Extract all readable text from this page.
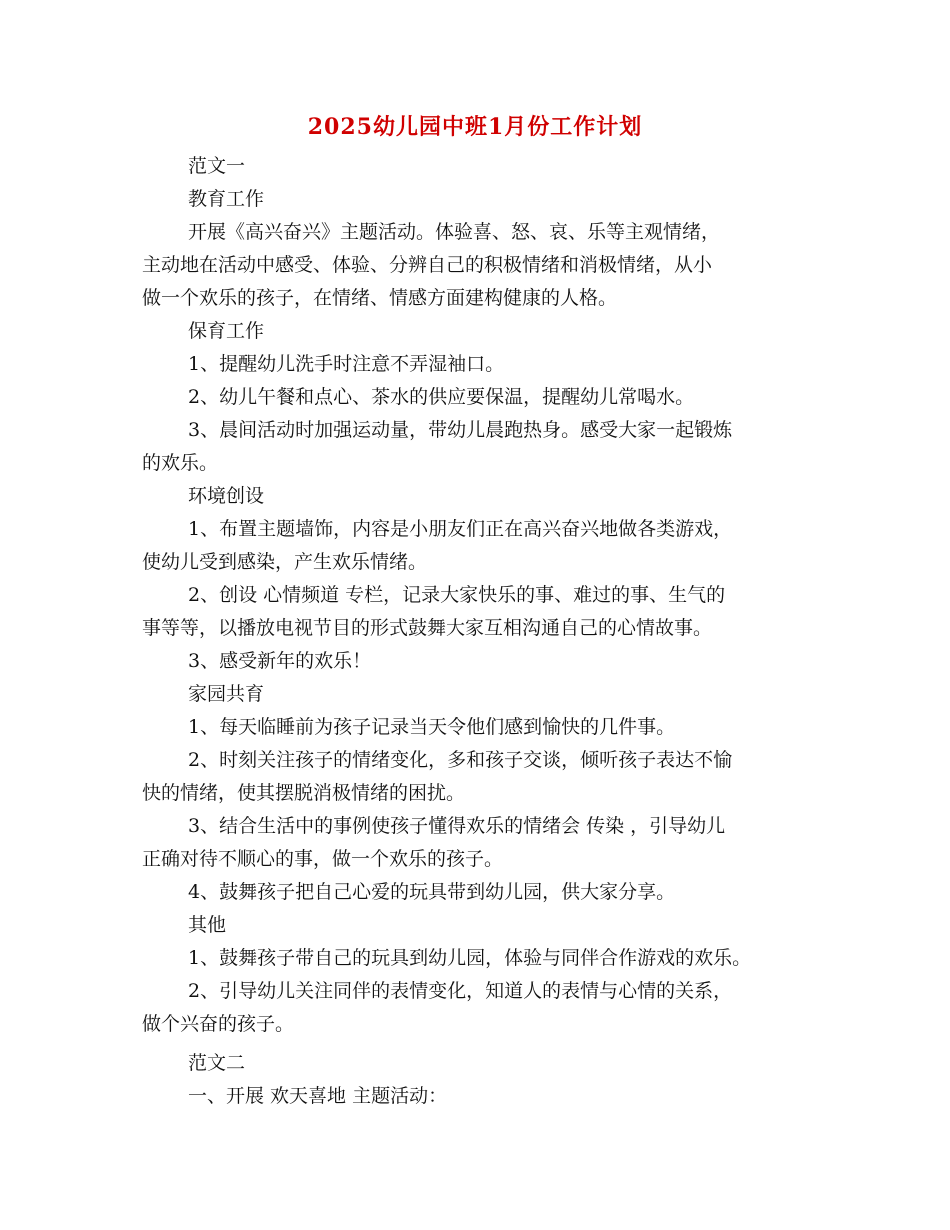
2025幼儿园中班1月份工作计划
范文一
教育工作
开展《高兴奋兴》主题活动。体验喜、怒、哀、乐等主观情绪，
主动地在活动中感受、体验、分辨自己的积极情绪和消极情绪，从小
做一个欢乐的孩子，在情绪、情感方面建构健康的人格。
保育工作
1、提醒幼儿洗手时注意不弄湿袖口。
2、幼儿午餐和点心、茶水的供应要保温，提醒幼儿常喝水。
3、晨间活动时加强运动量，带幼儿晨跑热身。感受大家一起锻炼
的欢乐。
环境创设
1、布置主题墙饰，内容是小朋友们正在高兴奋兴地做各类游戏，
使幼儿受到感染，产生欢乐情绪。
2、创设 心情频道 专栏，记录大家快乐的事、难过的事、生气的
事等等，以播放电视节目的形式鼓舞大家互相沟通自己的心情故事。
3、感受新年的欢乐！
家园共育
1、每天临睡前为孩子记录当天令他们感到愉快的几件事。
2、时刻关注孩子的情绪变化，多和孩子交谈，倾听孩子表达不愉
快的情绪，使其摆脱消极情绪的困扰。
3、结合生活中的事例使孩子懂得欢乐的情绪会 传染 ，引导幼儿
正确对待不顺心的事，做一个欢乐的孩子。
4、鼓舞孩子把自己心爱的玩具带到幼儿园，供大家分享。
其他
1、鼓舞孩子带自己的玩具到幼儿园，体验与同伴合作游戏的欢乐。
2、引导幼儿关注同伴的表情变化，知道人的表情与心情的关系，
做个兴奋的孩子。
范文二
一、开展 欢天喜地 主题活动：
